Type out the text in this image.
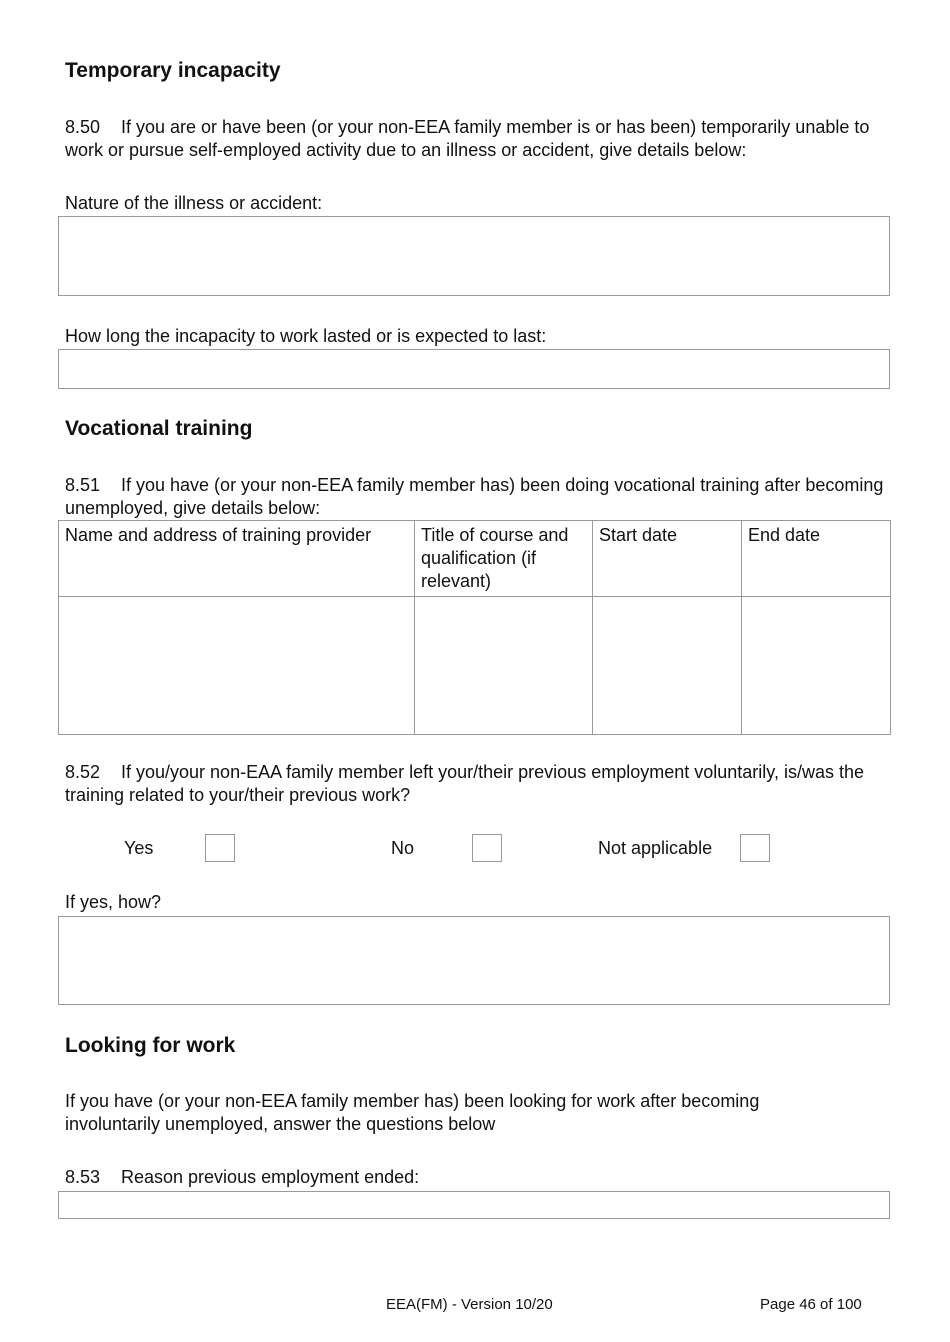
Temporary incapacity
8.50 If you are or have been (or your non-EEA family member is or has been) temporarily unable to work or pursue self-employed activity due to an illness or accident, give details below:
Nature of the illness or accident:
How long the incapacity to work lasted or is expected to last:
Vocational training
8.51 If you have (or your non-EEA family member has) been doing vocational training after becoming unemployed, give details below:
Name and address of training provider	Title of course and qualification (if relevant)	Start date	End date

8.52 If you/your non-EAA family member left your/their previous employment voluntarily, is/was the training related to your/their previous work?
Yes	No	Not applicable
If yes, how?
Looking for work
If you have (or your non-EEA family member has) been looking for work after becoming involuntarily unemployed, answer the questions below
8.53 Reason previous employment ended:
EEA(FM) - Version 10/20	Page 46 of 100
